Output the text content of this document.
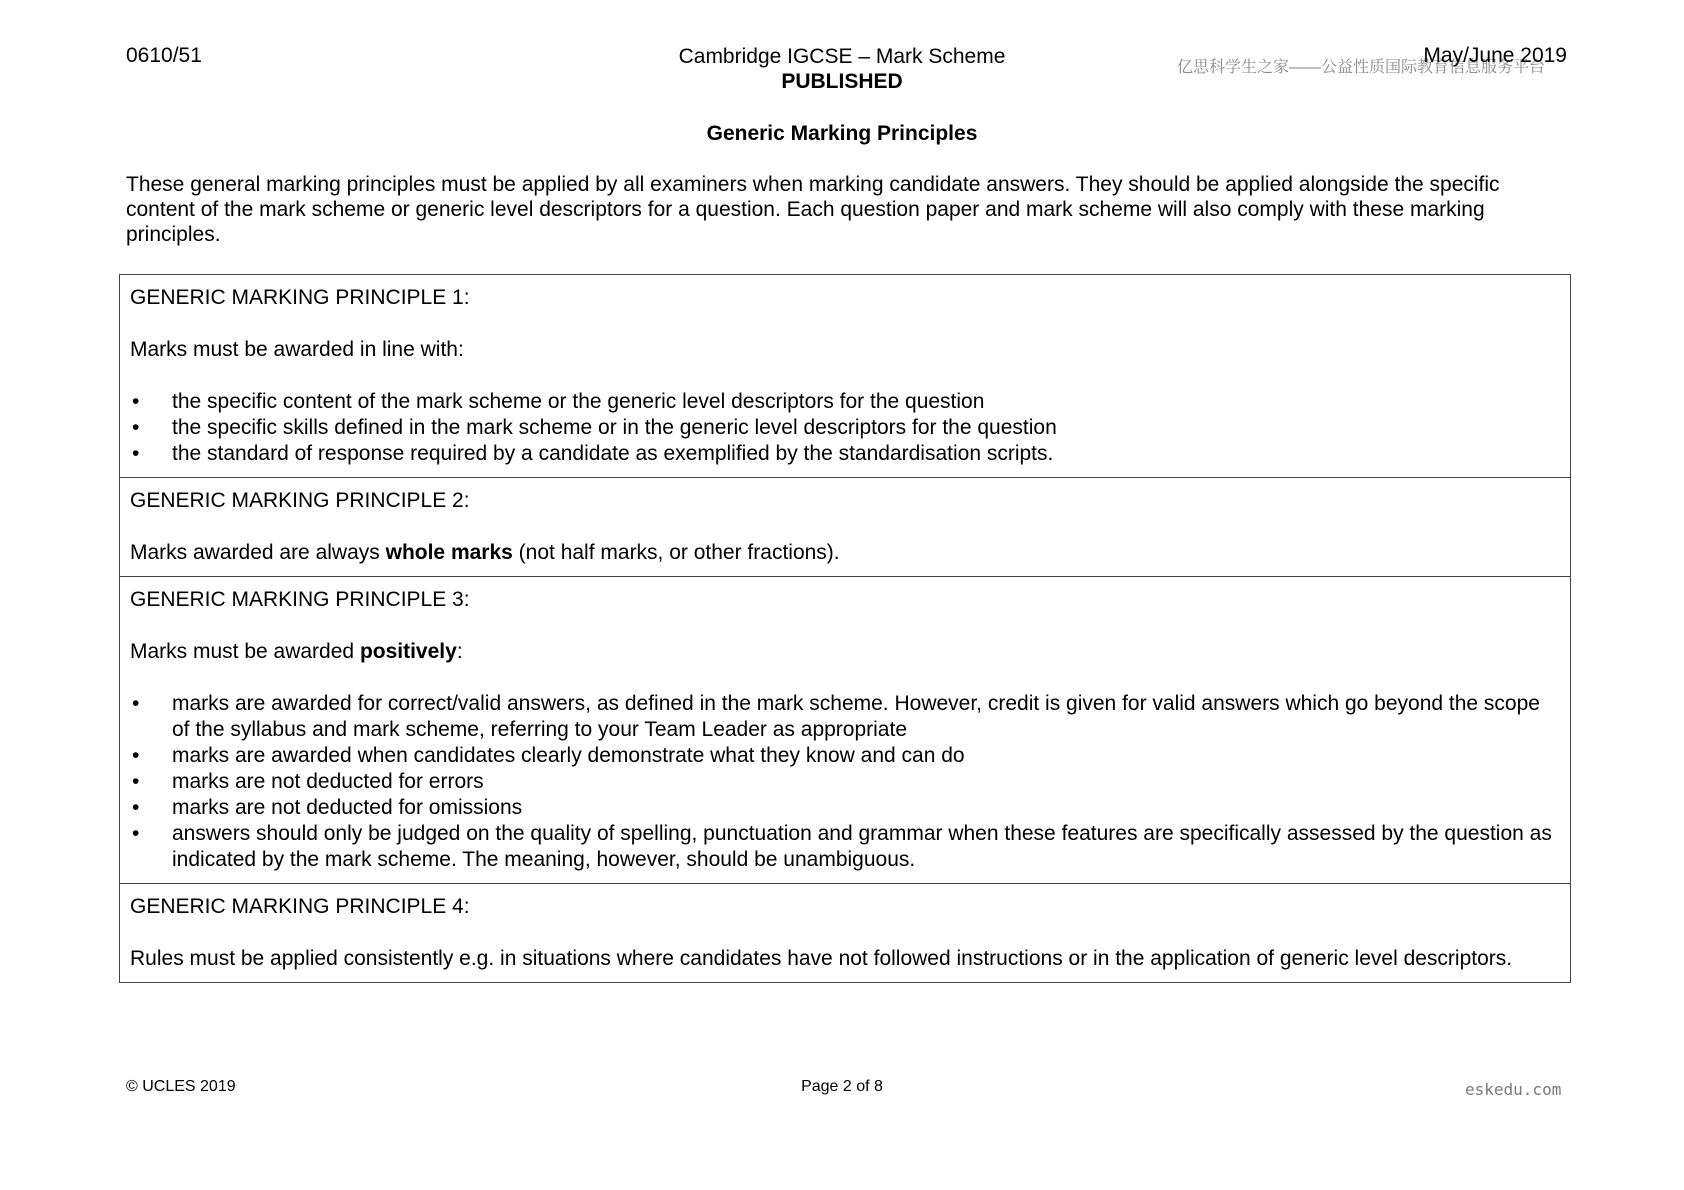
0610/51	Cambridge IGCSE – Mark Scheme
PUBLISHED
亿思科学生之家——公益性质国际教育信息服务平台
May/June 2019
Generic Marking Principles

These general marking principles must be applied by all examiners when marking candidate answers. They should be applied alongside the specific content of the mark scheme or generic level descriptors for a question. Each question paper and mark scheme will also comply with these marking principles.

GENERIC MARKING PRINCIPLE 1:

Marks must be awarded in line with:

• the specific content of the mark scheme or the generic level descriptors for the question
• the specific skills defined in the mark scheme or in the generic level descriptors for the question
• the standard of response required by a candidate as exemplified by the standardisation scripts.

GENERIC MARKING PRINCIPLE 2:

Marks awarded are always whole marks (not half marks, or other fractions).

GENERIC MARKING PRINCIPLE 3:

Marks must be awarded positively:

• marks are awarded for correct/valid answers, as defined in the mark scheme. However, credit is given for valid answers which go beyond the scope of the syllabus and mark scheme, referring to your Team Leader as appropriate
• marks are awarded when candidates clearly demonstrate what they know and can do
• marks are not deducted for errors
• marks are not deducted for omissions
• answers should only be judged on the quality of spelling, punctuation and grammar when these features are specifically assessed by the question as indicated by the mark scheme. The meaning, however, should be unambiguous.

GENERIC MARKING PRINCIPLE 4:

Rules must be applied consistently e.g. in situations where candidates have not followed instructions or in the application of generic level descriptors.

© UCLES 2019	Page 2 of 8	eskedu.com
